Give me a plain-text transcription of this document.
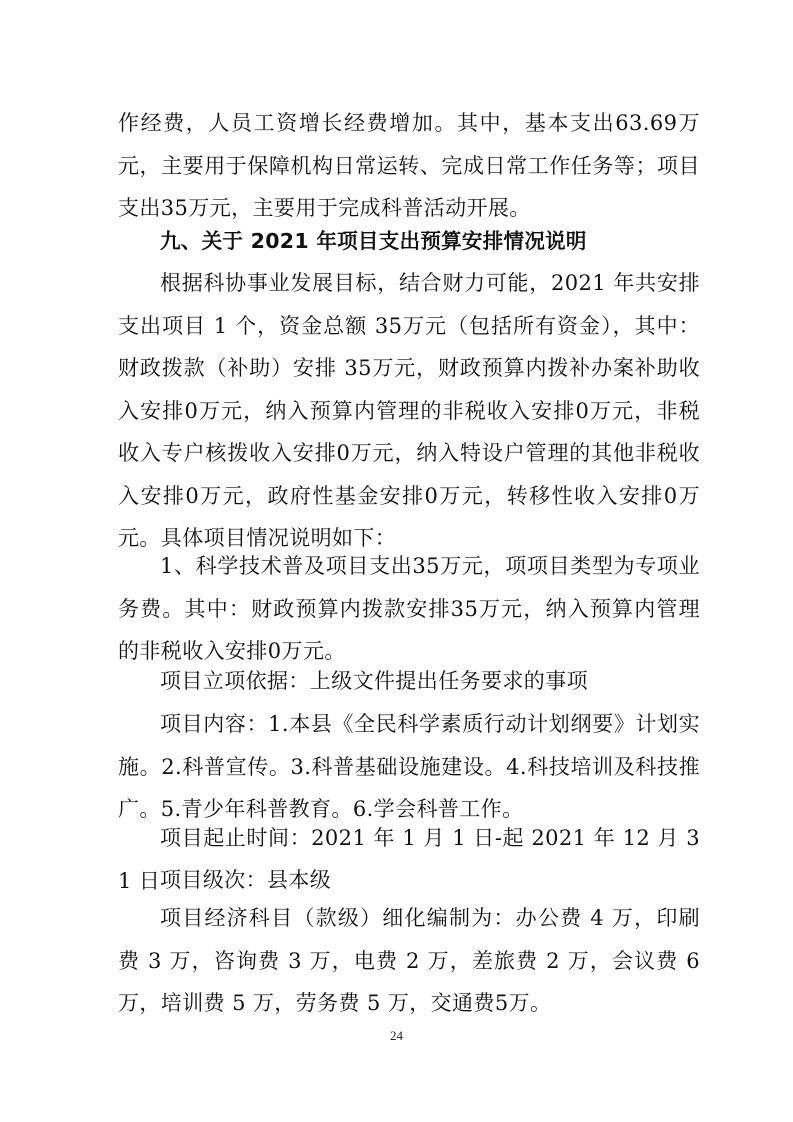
作经费，人员工资增长经费增加。其中，基本支出63.69万元，主要用于保障机构日常运转、完成日常工作任务等；项目支出35万元，主要用于完成科普活动开展。

九、关于 2021 年项目支出预算安排情况说明

根据科协事业发展目标，结合财力可能，2021 年共安排支出项目 1 个，资金总额 35万元（包括所有资金），其中：财政拨款（补助）安排 35万元，财政预算内拨补办案补助收入安排0万元，纳入预算内管理的非税收入安排0万元，非税收入专户核拨收入安排0万元，纳入特设户管理的其他非税收入安排0万元，政府性基金安排0万元，转移性收入安排0万元。具体项目情况说明如下：

1、科学技术普及项目支出35万元，项项目类型为专项业务费。其中：财政预算内拨款安排35万元，纳入预算内管理的非税收入安排0万元。

项目立项依据：上级文件提出任务要求的事项

项目内容：1.本县《全民科学素质行动计划纲要》计划实施。2.科普宣传。3.科普基础设施建设。4.科技培训及科技推广。5.青少年科普教育。6.学会科普工作。

项目起止时间：2021 年 1 月 1 日-起 2021 年 12 月 31 日 项目级次：县本级

项目经济科目（款级）细化编制为：办公费 4 万，印刷费 3 万，咨询费 3 万，电费 2 万，差旅费 2 万，会议费 6 万，培训费 5 万，劳务费 5 万，交通费5万。

24
